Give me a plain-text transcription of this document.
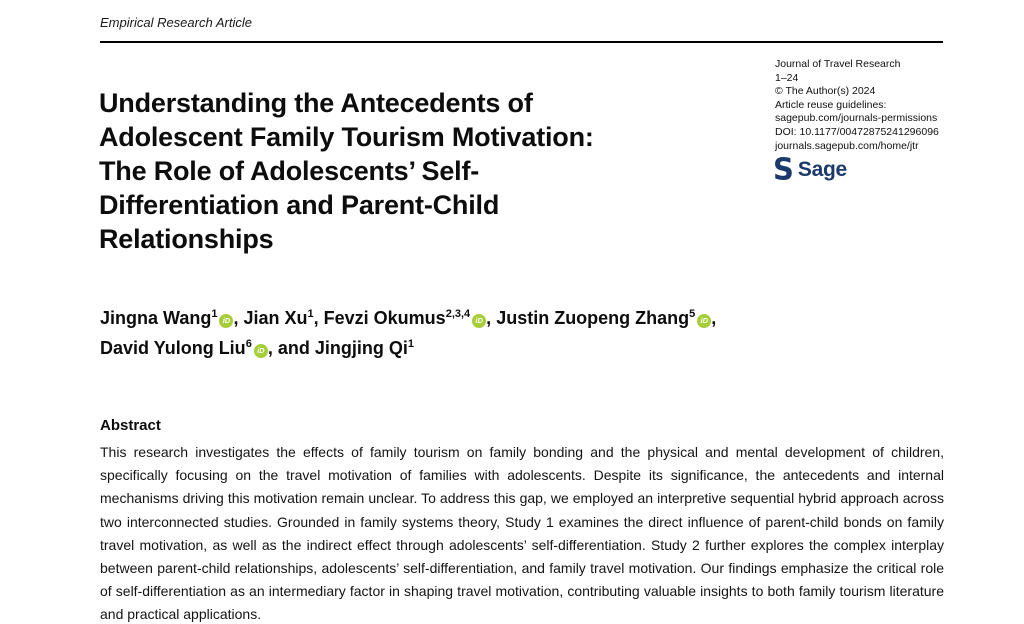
Empirical Research Article
Understanding the Antecedents of
Adolescent Family Tourism Motivation:
The Role of Adolescents’ Self-
Differentiation and Parent-Child
Relationships
Journal of Travel Research
1–24
© The Author(s) 2024
Article reuse guidelines:
sagepub.com/journals-permissions
DOI: 10.1177/00472875241296096
journals.sagepub.com/home/jtr
S Sage
Jingna Wang$^1$iD , Jian Xu$^1$, Fevzi Okumus$^{2,3,4}$iD , Justin Zuopeng Zhang$^5$iD ,
David Yulong Liu$^6$iD , and Jingjing Qi$^1$
Abstract

This research investigates the effects of family tourism on family bonding and the physical and mental development of children, specifically focusing on the travel motivation of families with adolescents. Despite its significance, the antecedents and internal mechanisms driving this motivation remain unclear. To address this gap, we employed an interpretive sequential hybrid approach across two interconnected studies. Grounded in family systems theory, Study 1 examines the direct influence of parent-child bonds on family travel motivation, as well as the indirect effect through adolescents’ self-differentiation. Study 2 further explores the complex interplay between parent-child relationships, adolescents’ self-differentiation, and family travel motivation. Our findings emphasize the critical role of self-differentiation as an intermediary factor in shaping travel motivation, contributing valuable insights to both family tourism literature and practical applications.
